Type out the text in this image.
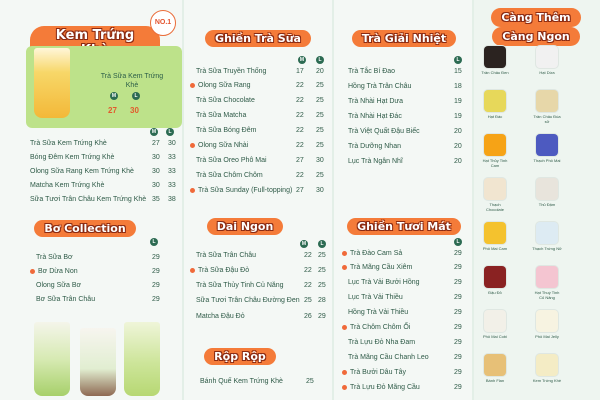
Kem Trứng
NO.1
Trà Sữa Kem Trứng Khè
M	L
27 30
M	L
Trà Sữa Kem Trứng Khè	27 30
Bóng Đêm Kem Trứng Khè	30 33
Olong Sữa Rang Kem Trứng Khè	30 33
Matcha Kem Trứng Khè	30 33
Sữa Tươi Trân Châu Kem Trứng Khè 35 38
Bơ Collection
L
Trà Sữa Bơ	29
Bơ Dừa Non	29
Olong Sữa Bơ	29
Bơ Sữa Trân Châu	29
Ghiền Trà Sữa
M	L
Trà Sữa Truyền Thống	17 20
Olong Sữa Rang	22 25
Trà Sữa Chocolate	22 25
Trà Sữa Matcha	22 25
Trà Sữa Bóng Đêm	22 25
Olong Sữa Nhài	22 25
Trà Sữa Oreo Phô Mai	27 30
Trà Sữa Chôm Chôm	22 25
Trà Sữa Sunday (Full-topping) 27 30
Dai Ngon
M	L
Trà Sữa Trân Châu	22 25
Trà Sữa Đậu Đỏ	22 25
Trà Sữa Thủy Tinh Củ Năng	22 25
Sữa Tươi Trân Châu Đường Đen 25 28
Matcha Đậu Đỏ	26 29
Rộp Rộp
Bánh Quế Kem Trứng Khè	25
Trà Giải Nhiệt
L
Trà Tắc Bí Đao	15
Hồng Trà Trân Châu	18
Trà Nhài Hạt Dưa	19
Trà Nhài Hạt Đác	19
Trà Việt Quất Đậu Biếc	20
Trà Dưỡng Nhan	20
Lục Trà Ngân Nhĩ	20
Ghiền Tươi Mát
L
Trà Đào Cam Sả	29
Trà Mãng Cầu Xiêm	29
Lục Trà Vải Bưởi Hồng	29
Lục Trà Vải Thiều	29
Hồng Trà Vải Thiều	29
Trà Chôm Chôm Ổi	29
Trà Lựu Đỏ Nha Đam	29
Trà Mãng Cầu Chanh Leo	29
Trà Bưởi Dâu Tây	29
Trà Lựu Đỏ Mãng Cầu	29
Càng Thêm
Càng Ngon
Trân Châu Đen	Hạt Dừa
Hạt Đác	Trân Châu Đùa sữ
Hạt Thủy Tinh Cam
Thạch Phô Mai
Thạch Chocolate
Thủ Đậm
Phô Mai Cam	Thạch Trứng Nữ
Đậu Đỏ	Hạt Thuỷ Tinh Củ Năng
Phô Mai Cobi	Phô Mai Jelly
Bánh Flan	Kem Trứng Khè
